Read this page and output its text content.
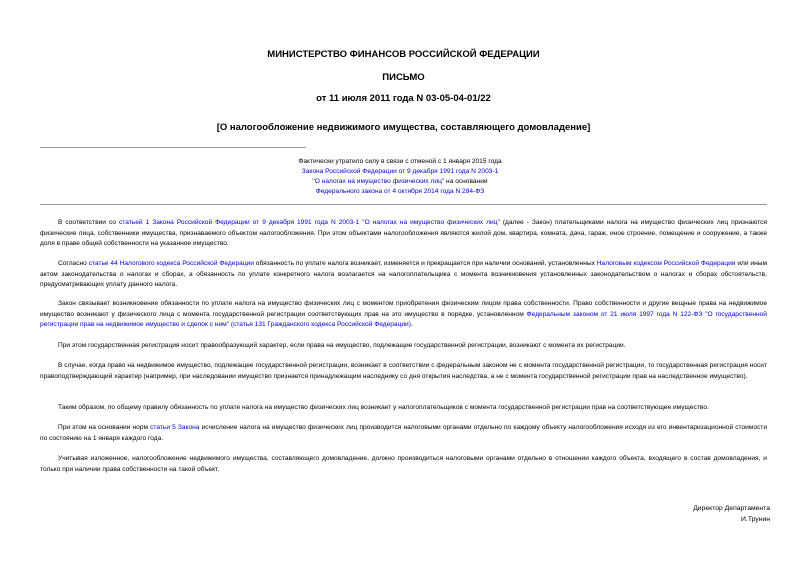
МИНИСТЕРСТВО ФИНАНСОВ РОССИЙСКОЙ ФЕДЕРАЦИИ
ПИСЬМО
от 11 июля 2011 года N 03-05-04-01/22
[О налогообложение недвижимого имущества, составляющего домовладение]
Фактически утратило силу в связи с отменой с 1 января 2015 года
Закона Российской Федерации от 9 декабря 1991 года N 2003-1
"О налогах на имущество физических лиц" на основании
Федерального закона от 4 октября 2014 года N 284-ФЗ

В соответствии со статьей 1 Закона Российской Федерации от 9 декабря 1991 года N 2003-1 "О налогах на имущество физических лиц" (далее - Закон) плательщиками налога на имущество физических лиц признаются физические лица, собственники имущества, признаваемого объектом налогообложения. При этом объектами налогообложения являются жилой дом, квартира, комната, дача, гараж, иное строение, помещение и сооружение, а также доля в праве общей собственности на указанное имущество.

Согласно статье 44 Налогового кодекса Российской Федерации обязанность по уплате налога возникает, изменяется и прекращается при наличии оснований, установленных Налоговым кодексом Российской Федерации или иным актом законодательства о налогах и сборах, а обязанность по уплате конкретного налога возлагается на налогоплательщика с момента возникновения установленных законодательством о налогах и сборах обстоятельств, предусматривающих уплату данного налога.

Закон связывает возникновение обязанности по уплате налога на имущество физических лиц с моментом приобретения физическим лицом права собственности. Право собственности и другие вещные права на недвижимое имущество возникают у физического лица с момента государственной регистрации соответствующих прав на это имущество в порядке, установленном Федеральным законом от 21 июля 1997 года N 122-ФЗ "О государственной регистрации прав на недвижимое имущество и сделок с ним" (статья 131 Гражданского кодекса Российской Федерации).

При этом государственная регистрация носит правообразующий характер, если права на имущество, подлежащие государственной регистрации, возникают с момента их регистрации.

В случае, когда право на недвижимое имущество, подлежащее государственной регистрации, возникает в соответствии с федеральным законом не с момента государственной регистрации, то государственная регистрация носит правоподтверждающий характер (например, при наследовании имущество признается принадлежащим наследнику со дня открытия наследства, а не с момента государственной регистрации прав на наследственное имущество).

Таким образом, по общему правилу обязанность по уплате налога на имущество физических лиц возникает у налогоплательщиков с момента государственной регистрации прав на соответствующее имущество.

При этом на основании норм статьи 5 Закона исчисление налога на имущество физических лиц производится налоговыми органами отдельно по каждому объекту налогообложения исходя из его инвентаризационной стоимости по состоянию на 1 января каждого года.

Учитывая изложенное, налогообложение недвижимого имущества, составляющего домовладение, должно производиться налоговыми органами отдельно в отношении каждого объекта, входящего в состав домовладения, и только при наличии права собственности на такой объект.

Директор Департамента
И.Трунин
